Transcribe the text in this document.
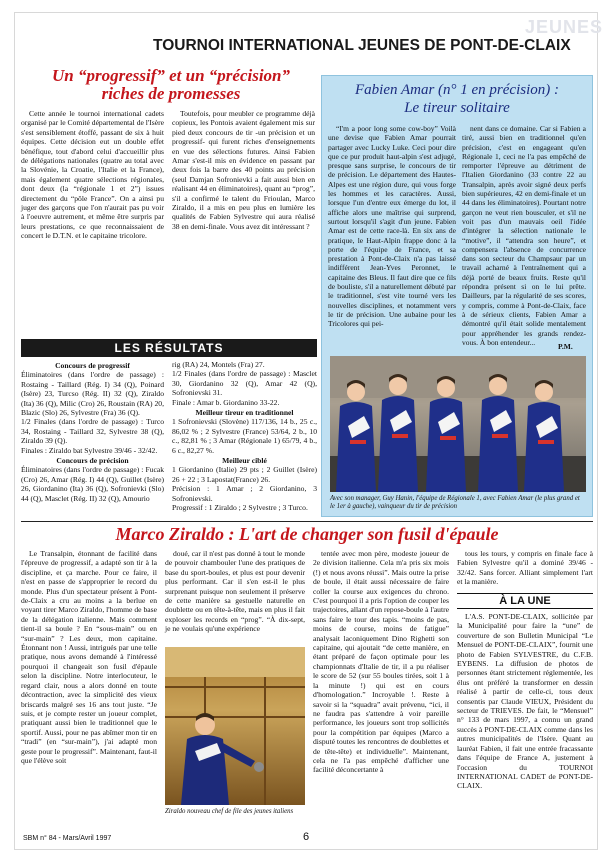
JEUNES
TOURNOI INTERNATIONAL JEUNES DE PONT-DE-CLAIX
Un “progressif” et un “précision”
riches de promesses

Cette année le tournoi international cadets organisé par le Comité départemental de l'Isère s'est sensiblement étoffé, passant de six à huit équipes. Cette décision eut un double effet bénéfique, tout d'abord celui d'accueillir plus de délégations nationales (quatre au total avec la Slovénie, la Croatie, l'Italie et la France), mais également quatre sélections régionales, dont deux (la “régionale 1 et 2”) issues directement du “pôle France”. On a ainsi pu juger des garçons que l'on n'aurait pas pu voir à l'oeuvre autrement, et même être surpris par leurs prestations, ce que reconnaissaient de concert le D.T.N. et le capitaine tricolore.

Toutefois, pour meubler ce programme déjà copieux, les Pontois avaient également mis sur pied deux concours de tir -un précision et un progressif- qui furent riches d'enseignements en vue des sélections futures. Ainsi Fabien Amar s'est-il mis en évidence en passant par deux fois la barre des 40 points au précision (seul Damjan Sofronievki a fait aussi bien en réalisant 44 en éliminatoires), quant au “prog”, s'il a confirmé le talent du Frioulan, Marco Ziraldo, il a mis en peu plus en lumière les qualités de Fabien Sylvestre qui aura réalisé 38 en demi-finale. Vous avez dit intéressant ?

LES RÉSULTATS
Concours de progressif
Éliminatoires (dans l'ordre de passage) : Rostaing - Taillard (Rég. I) 34 (Q), Poinard (Isère) 23, Turcso (Rég. II) 32 (Q), Ziraldo (Ita) 36 (Q), Milic (Cro) 26, Roustain (RA) 20, Blazic (Slo) 26, Sylvestre (Fra) 36 (Q).
1/2 Finales (dans l'ordre de passage) : Turco 34, Rostaing - Taillard 32, Sylvestre 38 (Q), Ziraldo 39 (Q).
Finales : Ziraldo bat Sylvestre 39/46 - 32/42.
Concours de précision
Éliminatoires (dans l'ordre de passage) : Fucak (Cro) 26, Amar (Rég. I) 44 (Q), Guillet (Isère) 26, Giordanino (Ita) 36 (Q), Sofronievki (Slo) 44 (Q), Masclet (Rég. II) 32 (Q), Amourio
rig (RA) 24, Montels (Fra) 27.
1/2 Finales (dans l'ordre de passage) : Masclet 30, Giordanino 32 (Q), Amar 42 (Q), Sofronievski 31.
Finale : Amar b. Giordanino 33-22.
Meilleur tireur en traditionnel
1 Sofronievski (Slovène) 117/136, 14 b., 25 c., 86,02 % ; 2 Sylvestre (France) 53/64, 2 b., 10 c., 82,81 % ; 3 Amar (Régionale 1) 65/79, 4 b., 6 c., 82,27 %.
Meilleur ciblé
1 Giordanino (Italie) 29 pts ; 2 Guillet (Isère) 26 + 22 ; 3 Lapostat(France) 26.
Précision : 1 Amar ; 2 Giordanino, 3 Sofronievski.
Progressif : 1 Ziraldo ; 2 Sylvestre ; 3 Turco.
Fabien Amar (n° 1 en précision) :
Le tireur solitaire

“I'm a poor long some cow-boy” Voilà une devise que Fabien Amar pourrait partager avec Lucky Luke. Ceci pour dire que ce pur produit haut-alpin s'est adjugé, presque sans surprise, le concours de tir de précision. Le département des Hautes-Alpes est une région dure, qui vous forge les hommes et les caractères. Aussi, lorsque l'un d'entre eux émerge du lot, il affiche alors une maîtrise qui surprend, surtout lorsqu'il s'agit d'un jeune. Fabien Amar est de cette race-là. En six ans de pratique, le Haut-Alpin frappe donc à la porte de l'équipe de France, et sa prestation à Pont-de-Claix n'a pas laissé indifférent Jean-Yves Peronnet, le capitaine des Bleus. Il faut dire que ce fils de bouliste, s'il a naturellement débuté par le traditionnel, s'est vite tourné vers les nouvelles disciplines, et notamment vers le tir de précision. Une aubaine pour les Tricolores qui pei-

nent dans ce domaine. Car si Fabien a tiré, aussi bien en traditionnel qu'en précision, c'est en engageant qu'en Régionale 1, ceci ne l'a pas empêché de remporter l'épreuve au détriment de l'Italien Giordanino (33 contre 22 au Transalpin, après avoir signé deux perfs bien supérieures, 42 en demi-finale et un 44 dans les éliminatoires). Pourtant notre garçon ne veut rien bousculer, et s'il ne voit pas d'un mauvais oeil l'idée d'intégrer la sélection nationale le “motive”, il “attendra son heure”, et compensera l'absence de concurrence dans son secteur du Champsaur par un travail acharné à l'entraînement qui a déjà porté de beaux fruits. Reste qu'il répondra présent si on le lui prête. Dailleurs, par la régularité de ses scores, y compris, comme à Pont-de-Claix, face à de sérieux clients, Fabien Amar a démontré qu'il était solide mentalement pour appréhender les grands rendez-vous. À bon entendeur...	P.M.
Avec son manager, Guy Hanin, l'équipe de Régionale 1, avec Fabien Amar (le plus grand et le 1er à gauche), vainqueur du tir de précision
Marco Ziraldo : L'art de changer son fusil d'épaule

Le Transalpin, étonnant de facilité dans l'épreuve de progressif, a adapté son tir à la discipline, et ça marche. Pour ce faire, il n'est en passe de s'approprier le record du monde. Plus d'un spectateur présent à Pont-de-Claix a cru au moins a la berlue en voyant tirer Marco Ziraldo, l'homme de base de la délégation italienne. Mais comment tient-il sa boule ? En “sous-main” ou en “sur-main” ? Les deux, mon capitaine. Étonnant non ! Aussi, intrigués par une telle pratique, nous avons demandé à l'intéressé pourquoi il changeait son fusil d'épaule selon la discipline. Notre interlocuteur, le regard clair, nous a alors donné en toute décontraction, avec la simplicité des vieux briscards malgré ses 16 ans tout juste. “Je suis, et je compte rester un joueur complet, pratiquant aussi bien le traditionnel que le sportif. Aussi, pour ne pas abîmer mon tir en “tradi” (en “sur-main”), j'ai adapté mon geste pour le progressif”. Maintenant, faut-il que l'élève soit

doué, car il n'est pas donné à tout le monde de pouvoir chambouler l'une des pratiques de base du sport-boules, et plus est pour devenir plus performant. Car il s'en est-il le plus surprenant puisque non seulement il préserve de cette manière sa gestuelle naturelle en doublette ou en tête-à-tête, mais en plus il fait exploser les records en “prog”. “À dix-sept, je ne voulais qu'une expérience

Ziraldo nouveau chef de file des jeunes italiens

tentée avec mon père, modeste joueur de 2e division italienne. Cela m'a pris six mois (!) et nous avons réussi”. Mais outre la prise de boule, il était aussi nécessaire de faire coller la course aux exigences du chrono. C'est pourquoi il a pris l'option de couper les trajectoires, allant d'un repose-boule à l'autre sans faire le tour des tapis. “moins de pas, moins de course, moins de fatigue” analysait laconiquement Dino Righetti son capitaine, qui ajoutait “de cette manière, en étant préparé de façon optimale pour les championnats d'Italie de tir, il a pu réaliser le score de 52 (sur 55 boules tirées, soit 1 à la minute !) qui est en cours d'homologation.” Incroyable !. Reste à savoir si la “squadra” avait prévenu, “ici, il ne faudra pas s'attendre à voir pareille performance, les joueurs sont trop sollicités pour la compétition par équipes (Marco a disputé toutes les rencontres de doublettes et de tête-tête) et individuelle”. Maintenant, cela ne l'a pas empêché d'afficher une facilité déconcertante à

tous les tours, y compris en finale face à Fabien Sylvestre qu'il a dominé 39/46 - 32/42. Sans forcer. Alliant simplement l'art et la manière.

À LA UNE

L'A.S. PONT-DE-CLAIX, sollicitée par la Municipalité pour faire la “une” de couverture de son Bulletin Municipal “Le Mensuel de PONT-DE-CLAIX”, fournit une photo de Fabien SYLVESTRE, du C.F.B. EYBENS. La diffusion de photos de personnes étant strictement réglementée, les élus ont préféré la transformer en dessin réalisé à partir de celle-ci, tous deux consentis par Claude VIEUX, Président du secteur de TRIEVES. De fait, le “Mensuel” n° 133 de mars 1997, a connu un grand succès à PONT-DE-CLAIX comme dans les autres municipalités de l'Isère. Quant au lauréat Fabien, il fait une entrée fracassante dans l'équipe de France A, justement à l'occasion du TOURNOI INTERNATIONAL CADET de PONT-DE-CLAIX.

SBM n° 84 - Mars/Avril 1997	6
